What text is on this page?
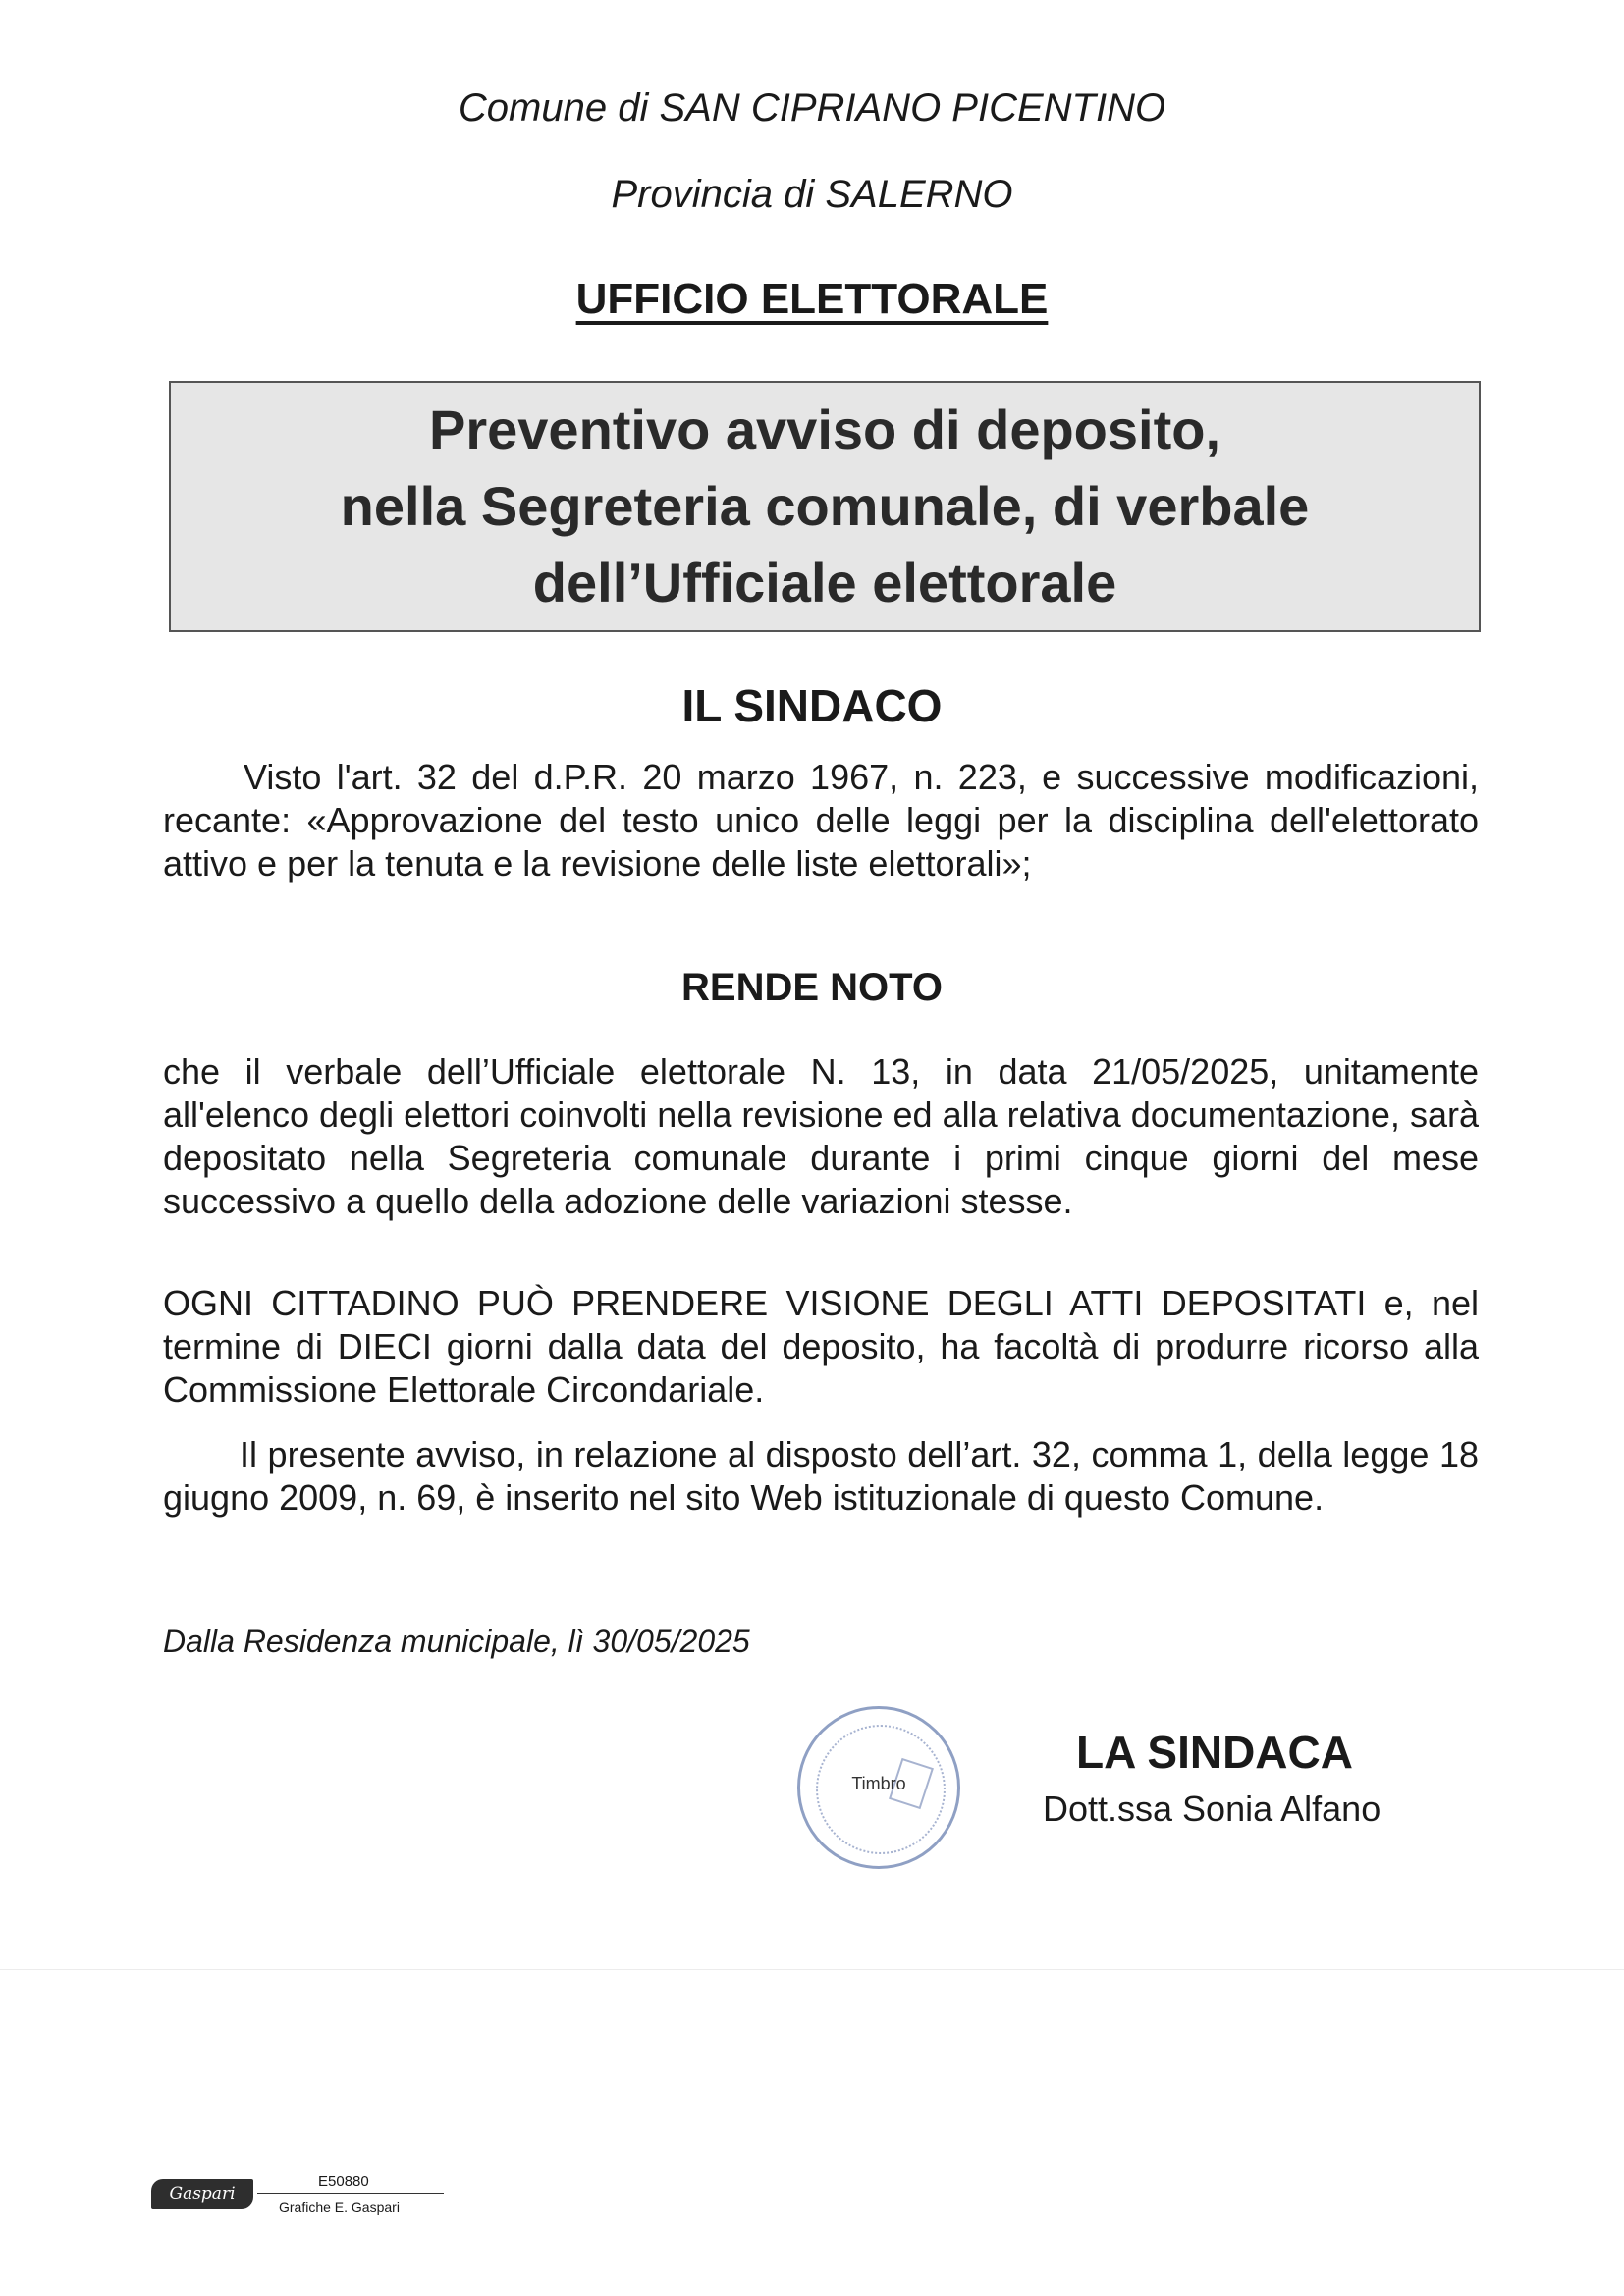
Comune di SAN CIPRIANO PICENTINO
Provincia di SALERNO
UFFICIO ELETTORALE
Preventivo avviso di deposito,
nella Segreteria comunale, di verbale
dell’Ufficiale elettorale
IL SINDACO
Visto l'art. 32 del d.P.R. 20 marzo 1967, n. 223, e successive modificazioni, recante: «Approvazione del testo unico delle leggi per la disciplina dell'elettorato attivo e per la tenuta e la revisione delle liste elettorali»;
RENDE NOTO
che il verbale dell’Ufficiale elettorale N. 13, in data 21/05/2025, unitamente all'elenco degli elettori coinvolti nella revisione ed alla relativa documentazione, sarà depositato nella Segreteria comunale durante i primi cinque giorni del mese successivo a quello della adozione delle variazioni stesse.
OGNI CITTADINO PUÒ PRENDERE VISIONE DEGLI ATTI DEPOSITATI e, nel termine di DIECI giorni dalla data del deposito, ha facoltà di produrre ricorso alla Commissione Elettorale Circondariale.
Il presente avviso, in relazione al disposto dell’art. 32, comma 1, della legge 18 giugno 2009, n. 69, è inserito nel sito Web istituzionale di questo Comune.
Dalla Residenza municipale, lì 30/05/2025
Timbro
LA SINDACA
Dott.ssa Sonia Alfano
Gaspari
E50880
Grafiche E. Gaspari
